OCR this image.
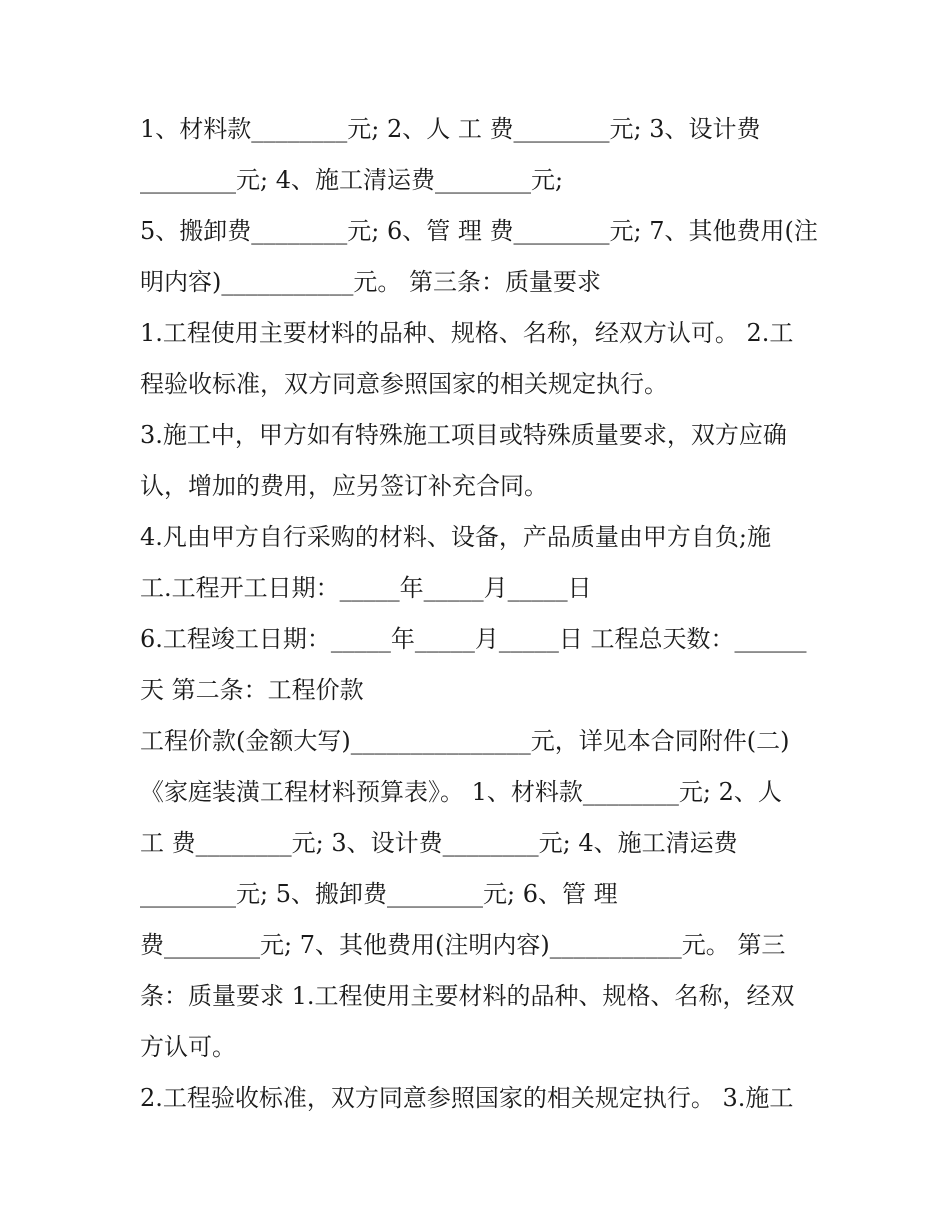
1、材料款________元; 2、人 工 费________元; 3、设计费
________元; 4、施工清运费________元;
5、搬卸费________元; 6、管 理 费________元; 7、其他费用(注
明内容)___________元。 第三条：质量要求
1.工程使用主要材料的品种、规格、名称，经双方认可。 2.工
程验收标准，双方同意参照国家的相关规定执行。
3.施工中，甲方如有特殊施工项目或特殊质量要求，双方应确
认，增加的费用，应另签订补充合同。
4.凡由甲方自行采购的材料、设备，产品质量由甲方自负;施
工.工程开工日期：_____年_____月_____日
6.工程竣工日期：_____年_____月_____日 工程总天数：______
天 第二条：工程价款
工程价款(金额大写)_______________元，详见本合同附件(二)
《家庭装潢工程材料预算表》。 1、材料款________元; 2、人
工 费________元; 3、设计费________元; 4、施工清运费
________元; 5、搬卸费________元; 6、管 理
费________元; 7、其他费用(注明内容)___________元。 第三
条：质量要求 1.工程使用主要材料的品种、规格、名称，经双
方认可。
2.工程验收标准，双方同意参照国家的相关规定执行。 3.施工
